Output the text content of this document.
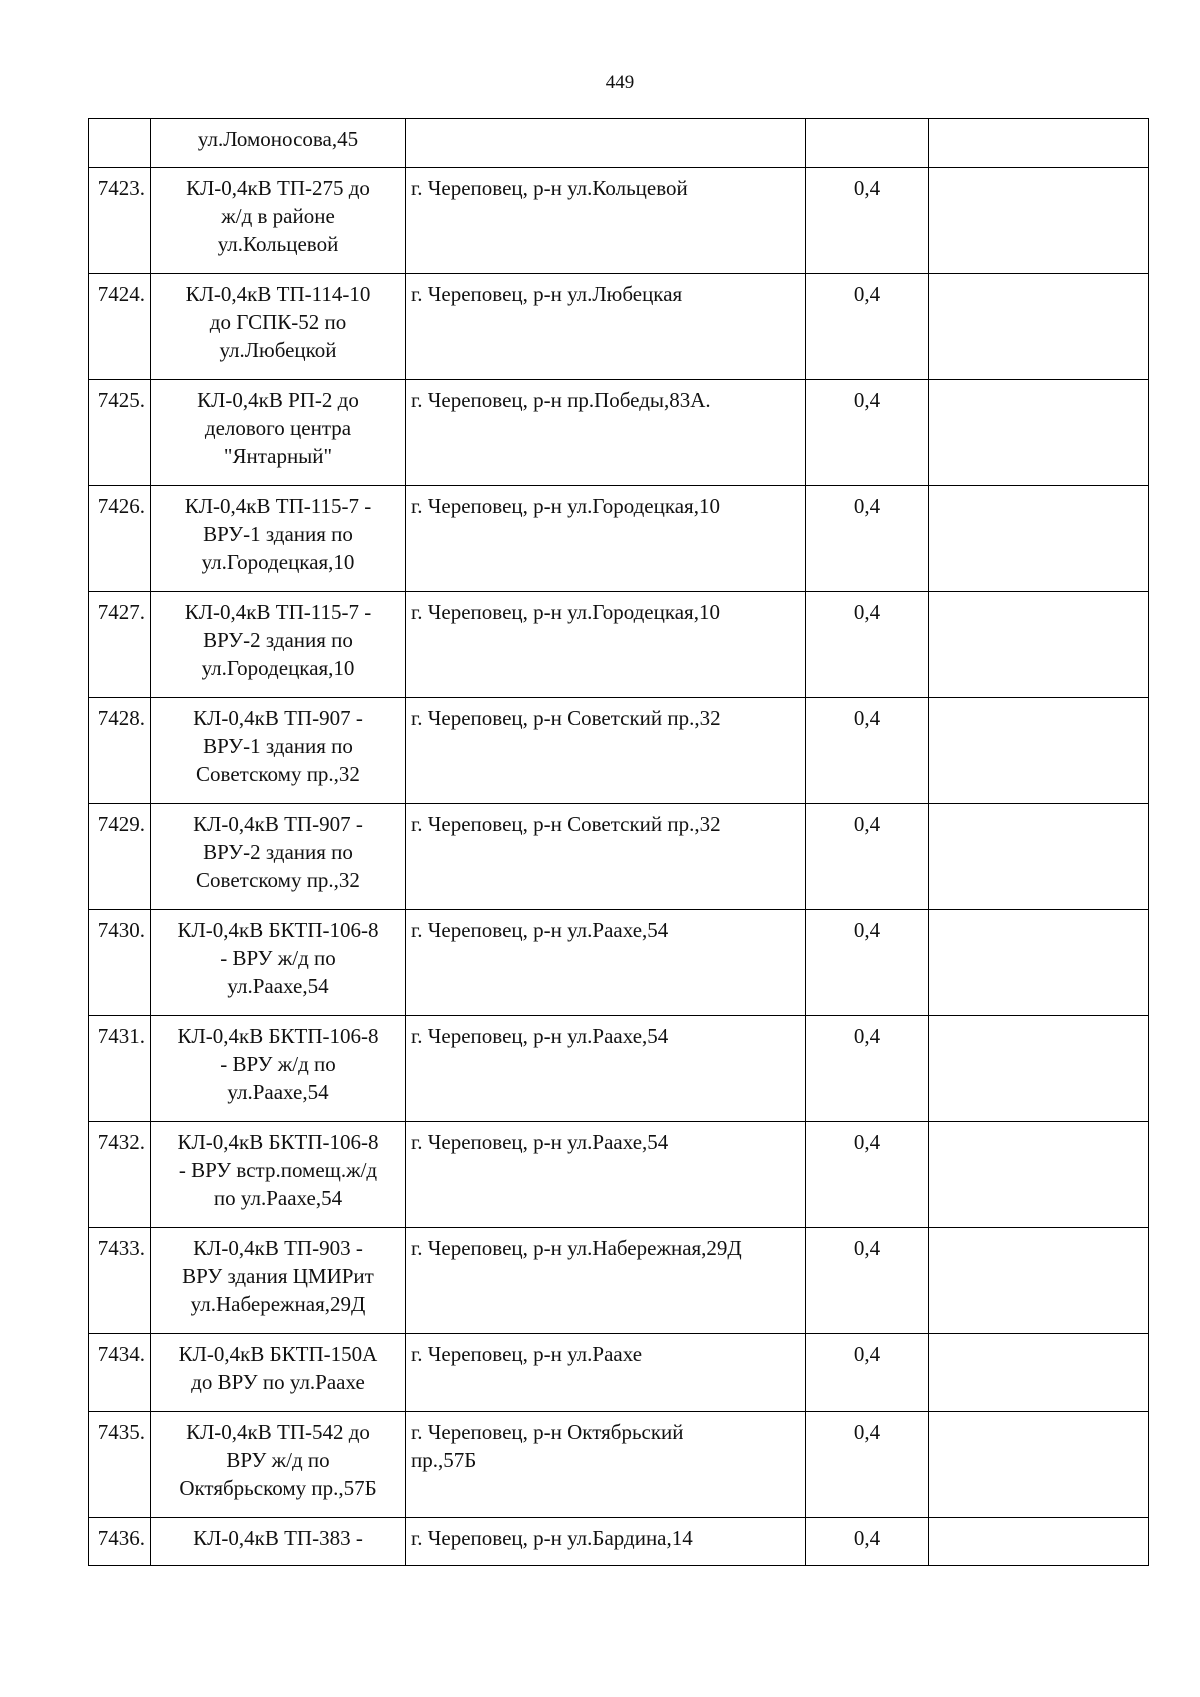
449

	ул.Ломоносова,45			

7423.	КЛ-0,4кВ ТП-275 до
ж/д в районе
ул.Кольцевой	г. Череповец, р-н ул.Кольцевой	0,4	
7424.	КЛ-0,4кВ ТП-114-10
до ГСПК-52 по
ул.Любецкой	г. Череповец, р-н ул.Любецкая	0,4	
7425.	КЛ-0,4кВ РП-2 до
делового центра
"Янтарный"	г. Череповец, р-н пр.Победы,83А.	0,4	
7426.	КЛ-0,4кВ ТП-115-7 -
ВРУ-1 здания по
ул.Городецкая,10	г. Череповец, р-н ул.Городецкая,10	0,4	
7427.	КЛ-0,4кВ ТП-115-7 -
ВРУ-2 здания по
ул.Городецкая,10	г. Череповец, р-н ул.Городецкая,10	0,4	
7428.	КЛ-0,4кВ ТП-907 -
ВРУ-1 здания по
Советскому пр.,32	г. Череповец, р-н Советский пр.,32	0,4	
7429.	КЛ-0,4кВ ТП-907 -
ВРУ-2 здания по
Советскому пр.,32	г. Череповец, р-н Советский пр.,32	0,4	
7430.	КЛ-0,4кВ БКТП-106-8
- ВРУ ж/д по
ул.Раахе,54	г. Череповец, р-н ул.Раахе,54	0,4	
7431.	КЛ-0,4кВ БКТП-106-8
- ВРУ ж/д по
ул.Раахе,54	г. Череповец, р-н ул.Раахе,54	0,4	
7432.	КЛ-0,4кВ БКТП-106-8
- ВРУ встр.помещ.ж/д
по ул.Раахе,54	г. Череповец, р-н ул.Раахе,54	0,4	
7433.	КЛ-0,4кВ ТП-903 -
ВРУ здания ЦМИРит
ул.Набережная,29Д	г. Череповец, р-н ул.Набережная,29Д	0,4	
7434.	КЛ-0,4кВ БКТП-150А
до ВРУ по ул.Раахе	г. Череповец, р-н ул.Раахе	0,4	
7435.	КЛ-0,4кВ ТП-542 до
ВРУ ж/д по
Октябрьскому пр.,57Б	г. Череповец, р-н Октябрьский
пр.,57Б	0,4	
7436.	КЛ-0,4кВ ТП-383 -	г. Череповец, р-н ул.Бардина,14	0,4	
